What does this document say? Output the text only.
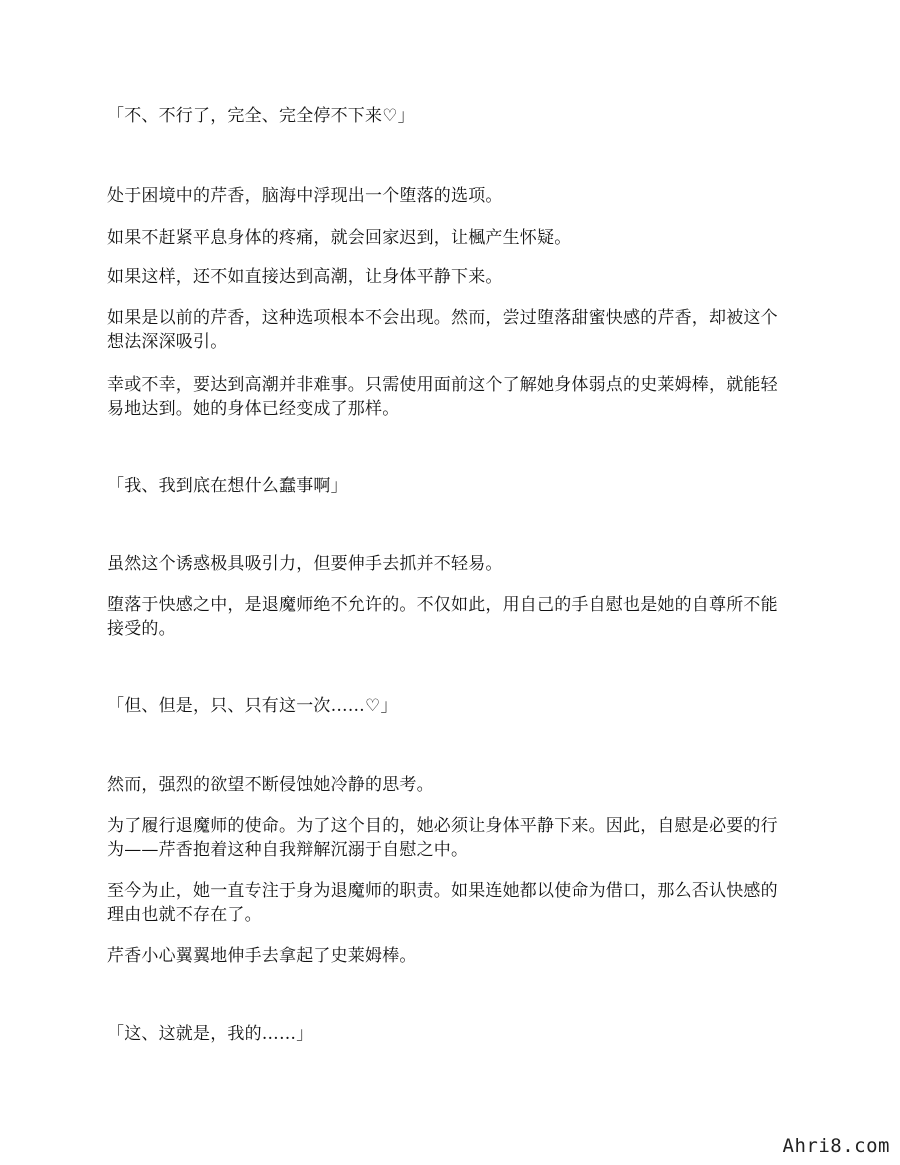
「不、不行了，完全、完全停不下来♡」
处于困境中的芹香，脑海中浮现出一个堕落的选项。
如果不赶紧平息身体的疼痛，就会回家迟到，让楓产生怀疑。
如果这样，还不如直接达到高潮，让身体平静下来。
如果是以前的芹香，这种选项根本不会出现。然而，尝过堕落甜蜜快感的芹香，却被这个
想法深深吸引。
幸或不幸，要达到高潮并非难事。只需使用面前这个了解她身体弱点的史莱姆棒，就能轻
易地达到。她的身体已经变成了那样。
「我、我到底在想什么蠢事啊」
虽然这个诱惑极具吸引力，但要伸手去抓并不轻易。
堕落于快感之中，是退魔师绝不允许的。不仅如此，用自己的手自慰也是她的自尊所不能
接受的。
「但、但是，只、只有这一次……♡」
然而，强烈的欲望不断侵蚀她冷静的思考。
为了履行退魔师的使命。为了这个目的，她必须让身体平静下来。因此，自慰是必要的行
为——芹香抱着这种自我辩解沉溺于自慰之中。
至今为止，她一直专注于身为退魔师的职责。如果连她都以使命为借口，那么否认快感的
理由也就不存在了。
芹香小心翼翼地伸手去拿起了史莱姆棒。
「这、这就是，我的……」
Ahri8.com
